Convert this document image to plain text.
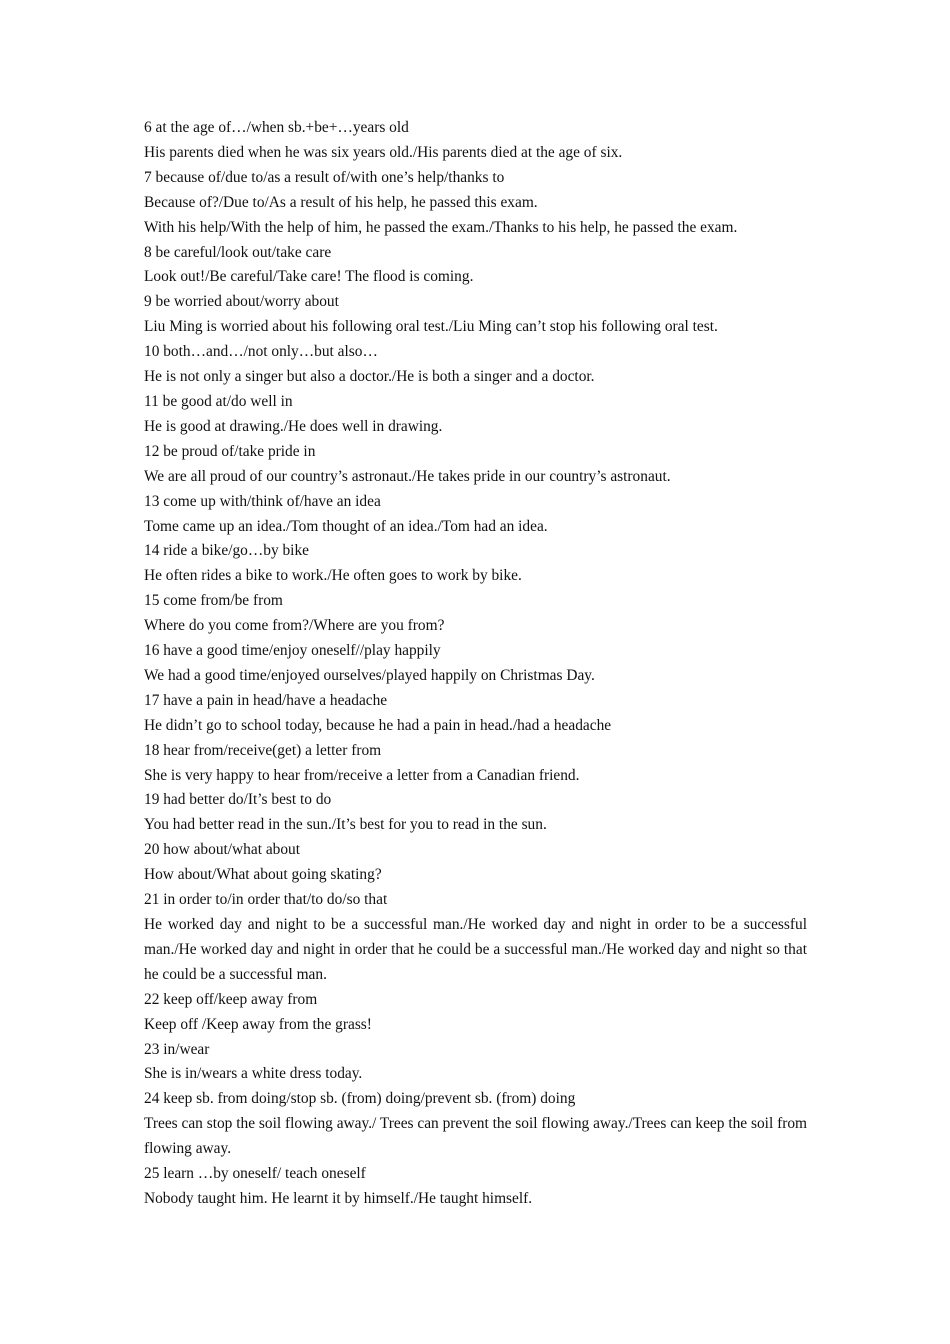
6 at the age of…/when sb.+be+…years old

His parents died when he was six years old./His parents died at the age of six.

7 because of/due to/as a result of/with one’s help/thanks to

Because of?/Due to/As a result of his help, he passed this exam.

With his help/With the help of him, he passed the exam./Thanks to his help, he passed the exam.

8 be careful/look out/take care

Look out!/Be careful/Take care! The flood is coming.

9 be worried about/worry about

Liu Ming is worried about his following oral test./Liu Ming can’t stop his following oral test.

10 both…and…/not only…but also…

He is not only a singer but also a doctor./He is both a singer and a doctor.

11 be good at/do well in

He is good at drawing./He does well in drawing.

12 be proud of/take pride in

We are all proud of our country’s astronaut./He takes pride in our country’s astronaut.

13 come up with/think of/have an idea

Tome came up an idea./Tom thought of an idea./Tom had an idea.

14 ride a bike/go…by bike

He often rides a bike to work./He often goes to work by bike.

15 come from/be from

Where do you come from?/Where are you from?

16 have a good time/enjoy oneself//play happily

We had a good time/enjoyed ourselves/played happily on Christmas Day.

17 have a pain in head/have a headache

He didn’t go to school today, because he had a pain in head./had a headache

18 hear from/receive(get) a letter from

She is very happy to hear from/receive a letter from a Canadian friend.

19 had better do/It’s best to do

You had better read in the sun./It’s best for you to read in the sun.

20 how about/what about

How about/What about going skating?

21 in order to/in order that/to do/so that

He worked day and night to be a successful man./He worked day and night in order to be a successful man./He worked day and night in order that he could be a successful man./He worked day and night so that he could be a successful man.

22 keep off/keep away from

Keep off /Keep away from the grass!

23 in/wear

She is in/wears a white dress today.

24 keep sb. from doing/stop sb. (from) doing/prevent sb. (from) doing

Trees can stop the soil flowing away./ Trees can prevent the soil flowing away./Trees can keep the soil from flowing away.

25 learn …by oneself/ teach oneself

Nobody taught him. He learnt it by himself./He taught himself.
